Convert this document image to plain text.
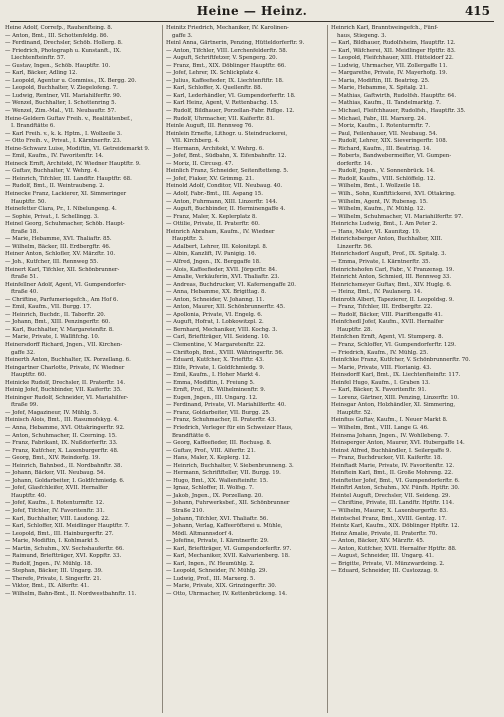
Heine — Heinz.	415
Heine Adolf, Correfp., Rauhenfteing. 8.
— Anton, Bmt., III. Schottenfeldg. 86.
— Ferdinand, Drechsler, Schöb. Hollerg. 8.
— Friedrich, Photograph u. Kunstanft., IX.
Liechtenfteinftr. 57.
— Gustav, Ingen., Schöb. Hauptftr. 10.
— Karl, Bäcker, Ädling 12.
— Leopold, Agentur u. Commiss., IX. Bergg. 20.
— Leopold, Buchhalter, V. Ziegelofeng. 7.
— Ludwig, Rentner, VII. Mariahilferftr. 90.
— Wenzel, Buchhalter, I. Schottenring 5.
— Wenzel, Zim.-Mal., VII. Neubauftr. 57.
Heine-Geldern Guftav Freih. v., Realitätenbef.,
I. Brandftätte 6.
— Karl Freih. v., k. k. Hptm., I. Wollzeile 3.
— Otto Freih. v., Privat., I. Kärntnerftr. 23.
Heine-Schwarz Luise, Modiftin, VI. Getreidemarkt 9.
— Emil, Kaufm., IV. Favoritenftr. 14.
Heineck Ernft, Architekt, IV. Wiedner Hauptftr. 9.
— Guftav, Buchhalter, V. Wehrg. 4.
— Heinrich, Tifchler, III. Landftr. Hauptftr. 68.
— Rudolf, Bmt., II. Weintraubeng. 2.
Heinecke Franz, Lackierer, XI. Simmeringer
Hauptftr. 50.
Heinefetter Clara, Pr., I. Nibelungeng. 4.
— Sophie, Privat., I. Schellingg. 3.
Heinel Georg, Schuhmacher, Schöb. Haupt-
ftraße 18.
— Marie, Hebamme, XVI. Thaliaftr. 85.
— Wilhelm, Bäcker, III. Erdbergftr. 46.
Heiner Anton, Schlofler, XV. Märzftr. 10.
— Joh., Kutfcher, III. Rennweg 55.
Heinert Karl, Tifchler, XII. Schönbrunner-
ftraße 51.
Heinfellner Adolf, Agent, VI. Gumpendorfer-
ftraße 40.
— Chriftine, Parfumeriegefch., Am Hof 6.
— Emil, Kaufm., VII. Burgg. 17.
— Heinrich, Buchdr., II. Taborftr. 20.
— Johann, Bmt., XIII. Penzingerftr. 60.
— Karl, Buchhalter, V. Margaretenftr. 8.
— Marie, Private, I. Wallfifchg. 10.
Heinersdorff Richard, Jngen., VII. Kirchen-
gaffe 32.
Heinerth Anton, Buchhalter, IX. Porzellang. 6.
Heingartner Charlotte, Private, IV. Wiedner
Hauptftr. 60.
Heinicke Rudolf, Drechsler, II. Praterftr. 14.
Heinig Jofef, Buchbinder, VII. Kaiferftr. 35.
Heininger Rudolf, Schneider, VI. Mariahilfer-
ftraße 99.
— Jofef, Magazineur, IV. Mühlg. 5.
Heinisch Alois, Bmt., III. Rasumofskyg. 4.
— Anna, Hebamme, XVI. Ottakringerftr. 92.
— Anton, Schuhmacher, II. Czerning. 15.
— Franz, Fabrikant, IX. Nußdorferftr. 33.
— Franz, Kutfcher, X. Laxenburgerftr. 48.
— Georg, Bmt., XIV. Reindorfg. 19.
— Heinrich, Bahnbed., II. Nordbahnftr. 38.
— Johann, Bäcker, VII. Neubaug. 54.
— Johann, Goldarbeiter, I. Goldfchmiedg. 6.
— Jofef, Glasfchleifer, XVII. Hernalfer
Hauptftr. 40.
— Jofef, Kaufm., I. Rotenturmftr. 12.
— Jofef, Tifchler, IV. Favoritenftr. 31.
— Karl, Buchhalter, VIII. Laudong. 22.
— Karl, Schloffer, XII. Meidlinger Hauptftr. 7.
— Leopold, Bmt., III. Hainburgerftr. 27.
— Marie, Modiftin, I. Kohlmarkt 5.
— Martin, Schuhm., XV. Sechshauferftr. 66.
— Raimund, Brieftträger, XVI. Koppftr. 33.
— Rudolf, Jngen., IV. Mühlg. 18.
— Stephan, Bäcker, III. Ungarg. 39.
— Therefe, Private, I. Singerftr. 21.
— Viktor, Bmt., IX. Alferftr. 41.
— Wilhelm, Bahn-Bmt., II. Nordwestbahnftr. 11.
Heinitz Friedrich, Mechaniker, IV. Karolinen-
gaffe 3.
Heinl Anna, Gärtnerin, Penzing, Hütteldorferftr. 9.
— Anton, Tifchler, VIII. Lerchenfelderftr. 58.
— Auguft, Schriftfetzer, V. Spengerg. 20.
— Franz, Bmt., XIX. Döblinger Hauptftr. 66.
— Jofef, Lehrer, IX. Schlickplatz 4.
— Julius, Kaffeefieder, IX. Liechtenftftr. 18.
— Karl, Schloffer, X. Quellenftr. 88.
— Karl, Lederhändler, VI. Gumpendorferftr. 18.
— Karl Heinz, Agent, V. Rettenbachg. 15.
— Rudolf, Bildhauer, Porzellan-Fabr. Rdlge. 12.
— Rudolf, Uhrmacher, VII. Kaiferftr. 81.
Heinle Auguft, III. Rennweg 76.
Heinlein Ernefte, Lithogr. u. Steindruckerei,
VII. Kirchberg. 4.
— Hermann, Architekt, V. Wehrg. 6.
— Jofef, Bmt., Südbahn, X. Eifenbahnftr. 12.
— Moriz, II. Circusg. 47.
Heinlich Franz, Schneider, Seitenftetteng. 5.
— Jofef, Fiaker, XV. Grimmg. 21.
Heinold Adolf, Conditor, VII. Neubaug. 40.
— Adolf, Fabr.-Bmt., III. Aspang 15.
— Anton, Fuhrmann, XIII. Linzerftr. 144.
— Auguft, Buchbinder, II. Herminengaffe 4.
— Franz, Maler, X. Keplerplatz 8.
— Ottilie, Private, II. Praterftr. 60.
Heinrich Abraham, Kaufm., IV. Wiedner
Hauptftr. 3.
— Adalbert, Lehrer, III. Kolonitzpl. 8.
— Albin, Kanzlift, IV. Panigig. 16.
— Alfred, Jngen., IX. Berggaffe 18.
— Alois, Kaffeefieder, XVII. Jörgerftr. 84.
— Amalie, Verkäuferin, XVI. Thaliaftr. 23.
— Andreas, Buchdrucker, VI. Kafernengaffe 20.
— Anna, Hebamme, XX. Brigittag. 8.
— Anton, Schneider, V. Johanng. 11.
— Anton, Maurer, XII. Schönbrunnerftr. 45.
— Apollonia, Private, VI. Engelg. 6.
— Auguft, Hofrat, I. Lobkowitzpl. 2.
— Bernhard, Mechaniker, VIII. Kochg. 3.
— Carl, Brieftträger, VII. Seideng. 10.
— Clementine, V. Margaretenftr. 22.
— Chriftoph, Bmt., XVIII. Währingerftr. 56.
— Eduard, Kutfcher, X. Trieftftr. 43.
— Elife, Private, I. Goldfchmiedg. 9.
— Emil, Kaufm., I. Hoher Markt 4.
— Emma, Modiftin, I. Freiung 5.
— Ernft, Prof., IX. Wilhelminenftr. 9.
— Eugen, Jngen., III. Ungarg. 12.
— Ferdinand, Private, VI. Mariahilferftr. 40.
— Franz, Goldarbeiter, VII. Burgg. 25.
— Franz, Schuhmacher, II. Praterftr. 43.
— Friedrich, Verleger für ein Schweizer Haus,
Brandftätte 6.
— Georg, Kaffeefieder, III. Rochusg. 8.
— Guftav, Prof., VIII. Alferftr. 21.
— Hans, Maler, X. Keplerg. 12.
— Heinrich, Buchhalter, V. Siebenbrunneng. 3.
— Hermann, Schriftfteller, VII. Burgg. 19.
— Hugo, Bmt., XX. Wallenfteinftr. 15.
— Ignaz, Schloffer, II. Wolfsg. 7.
— Jakob, Jngen., IX. Porzellang. 20.
— Johann, Fuhrwerksbef., XII. Schönbrunner
Straße 210.
— Johann, Tifchler, XVI. Thaliaftr. 56.
— Johann, Verlag, Kaffeeröfterei u. Mühle,
Mödl. Altmannsdorf 4.
— Jofefine, Private, I. Kärntnerftr. 29.
— Karl, Brieftträger, VI. Gumpendorferftr. 97.
— Karl, Mechaniker, XVII. Kalvarienberg. 18.
— Karl, Ingen., IV. Heumühlg. 2.
— Leopold, Schneider, IV. Mühlg. 29.
— Ludwig, Prof., III. Marxerg. 5.
— Marie, Private, XIX. Grinzingerftr. 30.
— Otto, Uhrmacher, IV. Kettenbrückeng. 14.
Heinrich Karl, Branntweingefch., Fünf-
haus, Stiegeng. 3.
— Karl, Bildhauer, Rudolfsheim, Hauptftr. 12.
— Karl, Wäfcherei, XII. Meidlinger Hptftr. 83.
— Leopold, Fleifchhauer, XIII. Hütteldorf 22.
— Ludwig, Uhrmacher, VII. Zollergaffe 11.
— Margarethe, Private, IV. Mayerhofg. 19.
— Maria, Modiftin, III. Beatrixg. 25.
— Marie, Hebamme, X. Spitalg. 21.
— Mathias, Gaftwirth, Rudolfsh. Hauptftr. 64.
— Mathias, Kaufm., II. Tandelmarktg. 7.
— Michael, Fleifchhauer, Rudolfsh., Hauptftr. 35.
— Michael, Fabr., III. Marxerg. 24.
— Moriz, Kaufm., I. Rotenturmftr. 7.
— Paul, Feilenhauer, VII. Neubaug. 54.
— Rudolf, Lehrer, XIX. Sieveringerftr. 108.
— Richard, Kaufm., III. Beatrixg. 14.
— Roberts, Bandwebermeifter, VI. Gumpen-
dorferftr. 14.
— Rudolf, Jngen., V. Sonnenbrück. 14.
— Rudolf, Kaufm., VIII. Schlöffelg. 12.
— Wilhelm, Bmt., I. Wollzeile 18.
— Wilh., Sohn, Kunftftickerei, XVI. Ottakring.
— Wilhelm, Agent, IV. Rubensg. 15.
— Wilhelm, Kaufm., IV. Mühlg. 12.
— Wilhelm, Schuhmacher, VI. Mariahilferftr. 97.
Heinrichs Ludwig, Bmt., I. Am Peter 2.
— Hans, Maler, VI. Kaunitzg. 19.
Heinrichsberger Anton, Buchhalter, XIII.
Linzerftr. 56.
Heinrichsdorf Auguft, Prof., IX. Spitalg. 3.
— Emma, Private, I. Kärntnerftr. 35.
Heinrichshofen Carl, Fabr., V. Franzensg. 19.
Heinricht Anton, Schmied, III. Rennweg 33.
Heinrichsmeyer Guftav, Bmt., XIV. Huglg. 6.
— Heinz, Bmt., IV. Paulanerg. 14.
Heinroth Albert, Tapezierer, II. Leopoldsg. 9.
— Franz, Tifchler, III. Erdbergftr. 22.
— Rudolf, Bäcker, VIII. Piariftengaffe 41.
Heinfchedl Jofef, Kaufm., XVII. Hernalfer
Hauptftr. 28.
Heinfchen Ernft, Agent, VI. Stumperg. 8.
— Franz, Schloffer, VI. Gumpendorferftr. 129.
— Friedrich, Kaufm., IV. Mühlg. 25.
Heinfchke Franz, Kutfcher, V. Schönbrunnerftr. 70.
— Marie, Private, VIII. Florianig. 43.
Heinsdorff Karl, Bmt., IX. Liechtenfteinftr. 117.
Heinfel Hugo, Kaufm., I. Graben 13.
— Karl, Bäcker, X. Favoritenftr. 91.
— Lorenz, Gärtner, XIII. Penzing, Linzerftr. 10.
Heinsgar Anton, Holzhändler, XI. Simmering,
Hauptftr. 52.
Heinfius Guftav, Kaufm., I. Neuer Markt 8.
— Wilhelm, Bmt., VIII. Lange G. 46.
Heinsma Johann, Jngen., IV. Wohllebeng. 7.
Heinsperger Anton, Maurer, XVI. Hubergaffe 14.
Heinst Alfred, Buchhändler, I. Seilergaffe 9.
— Franz, Buchdrucker, VII. Kaiferftr. 18.
Heinftadt Marie, Private, IV. Favoritenftr. 12.
Heinftein Karl, Bmt., II. Große Mohreng. 22.
Heinftetter Jofef, Bmt., VI. Gumpendorferftr. 6.
Heinftrl Anton, Schuhm., XV. Fünfh. Hptftr. 30.
Heintel Auguft, Drechsler, VII. Seideng. 29.
— Chriftine, Private, III. Landftr. Hptftr. 114.
— Wilhelm, Maurer, X. Laxenburgerftr. 83.
Heintschel Franz, Bmt., XVIII. Gentzg. 17.
Heintz Karl, Kaufm., XIX. Döblinger Hptftr. 12.
Heinz Amalie, Private, II. Praterftr. 70.
— Anton, Bäcker, XIV. Märzftr. 45.
— Anton, Kutfcher, XVII. Hernalfer Hptftr. 88.
— August, Schneider, III. Ungarg. 41.
— Brigitte, Private, VI. Münzwardeing. 2.
— Eduard, Schneider, III. Custozzag. 9.
